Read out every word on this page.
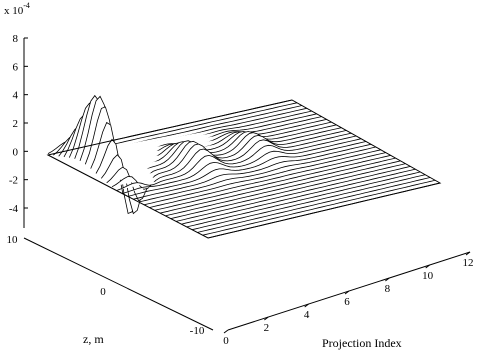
8
6
4
2
0
-2
-4
x $10^{-4}$
10
0
-10
z, m	0
2
4
6
8
10
12
Projection Index
